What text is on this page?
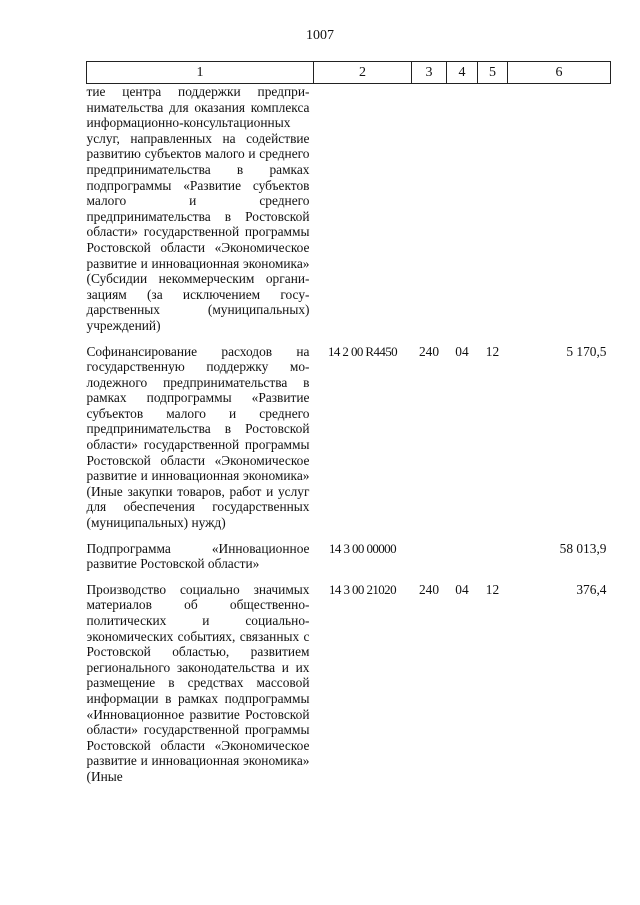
1007
1	2	3	4	5	6
тие центра поддержки предпринимательства для оказания комплекса информационно-консультационных услуг, направленных на содействие развитию субъектов малого и среднего предпринимательства в рамках подпрограммы «Развитие субъектов малого и среднего предпринимательства в Ростовской области» государственной программы Ростовской области «Экономическое развитие и инновационная экономика» (Субсидии некоммерческим организациям (за исключением государственных (муниципальных) учреждений)					
Софинансирование расходов на государственную поддержку молодежного предпринимательства в рамках подпрограммы «Развитие субъектов малого и среднего предпринимательства в Ростовской области» государственной программы Ростовской области «Экономическое развитие и инновационная экономика» (Иные закупки товаров, работ и услуг для обеспечения государственных (муниципальных) нужд)	14 2 00 R4450	240	04	12	5 170,5
Подпрограмма «Инновационное развитие Ростовской области»	14 3 00 00000				58 013,9
Производство социально значимых материалов об общественно-политических и социально-экономических событиях, связанных с Ростовской областью, развитием регионального законодательства и их размещение в средствах массовой информации в рамках подпрограммы «Инновационное развитие Ростовской области» государственной программы Ростовской области «Экономическое развитие и инновационная экономика» (Иные	14 3 00 21020	240	04	12	376,4
